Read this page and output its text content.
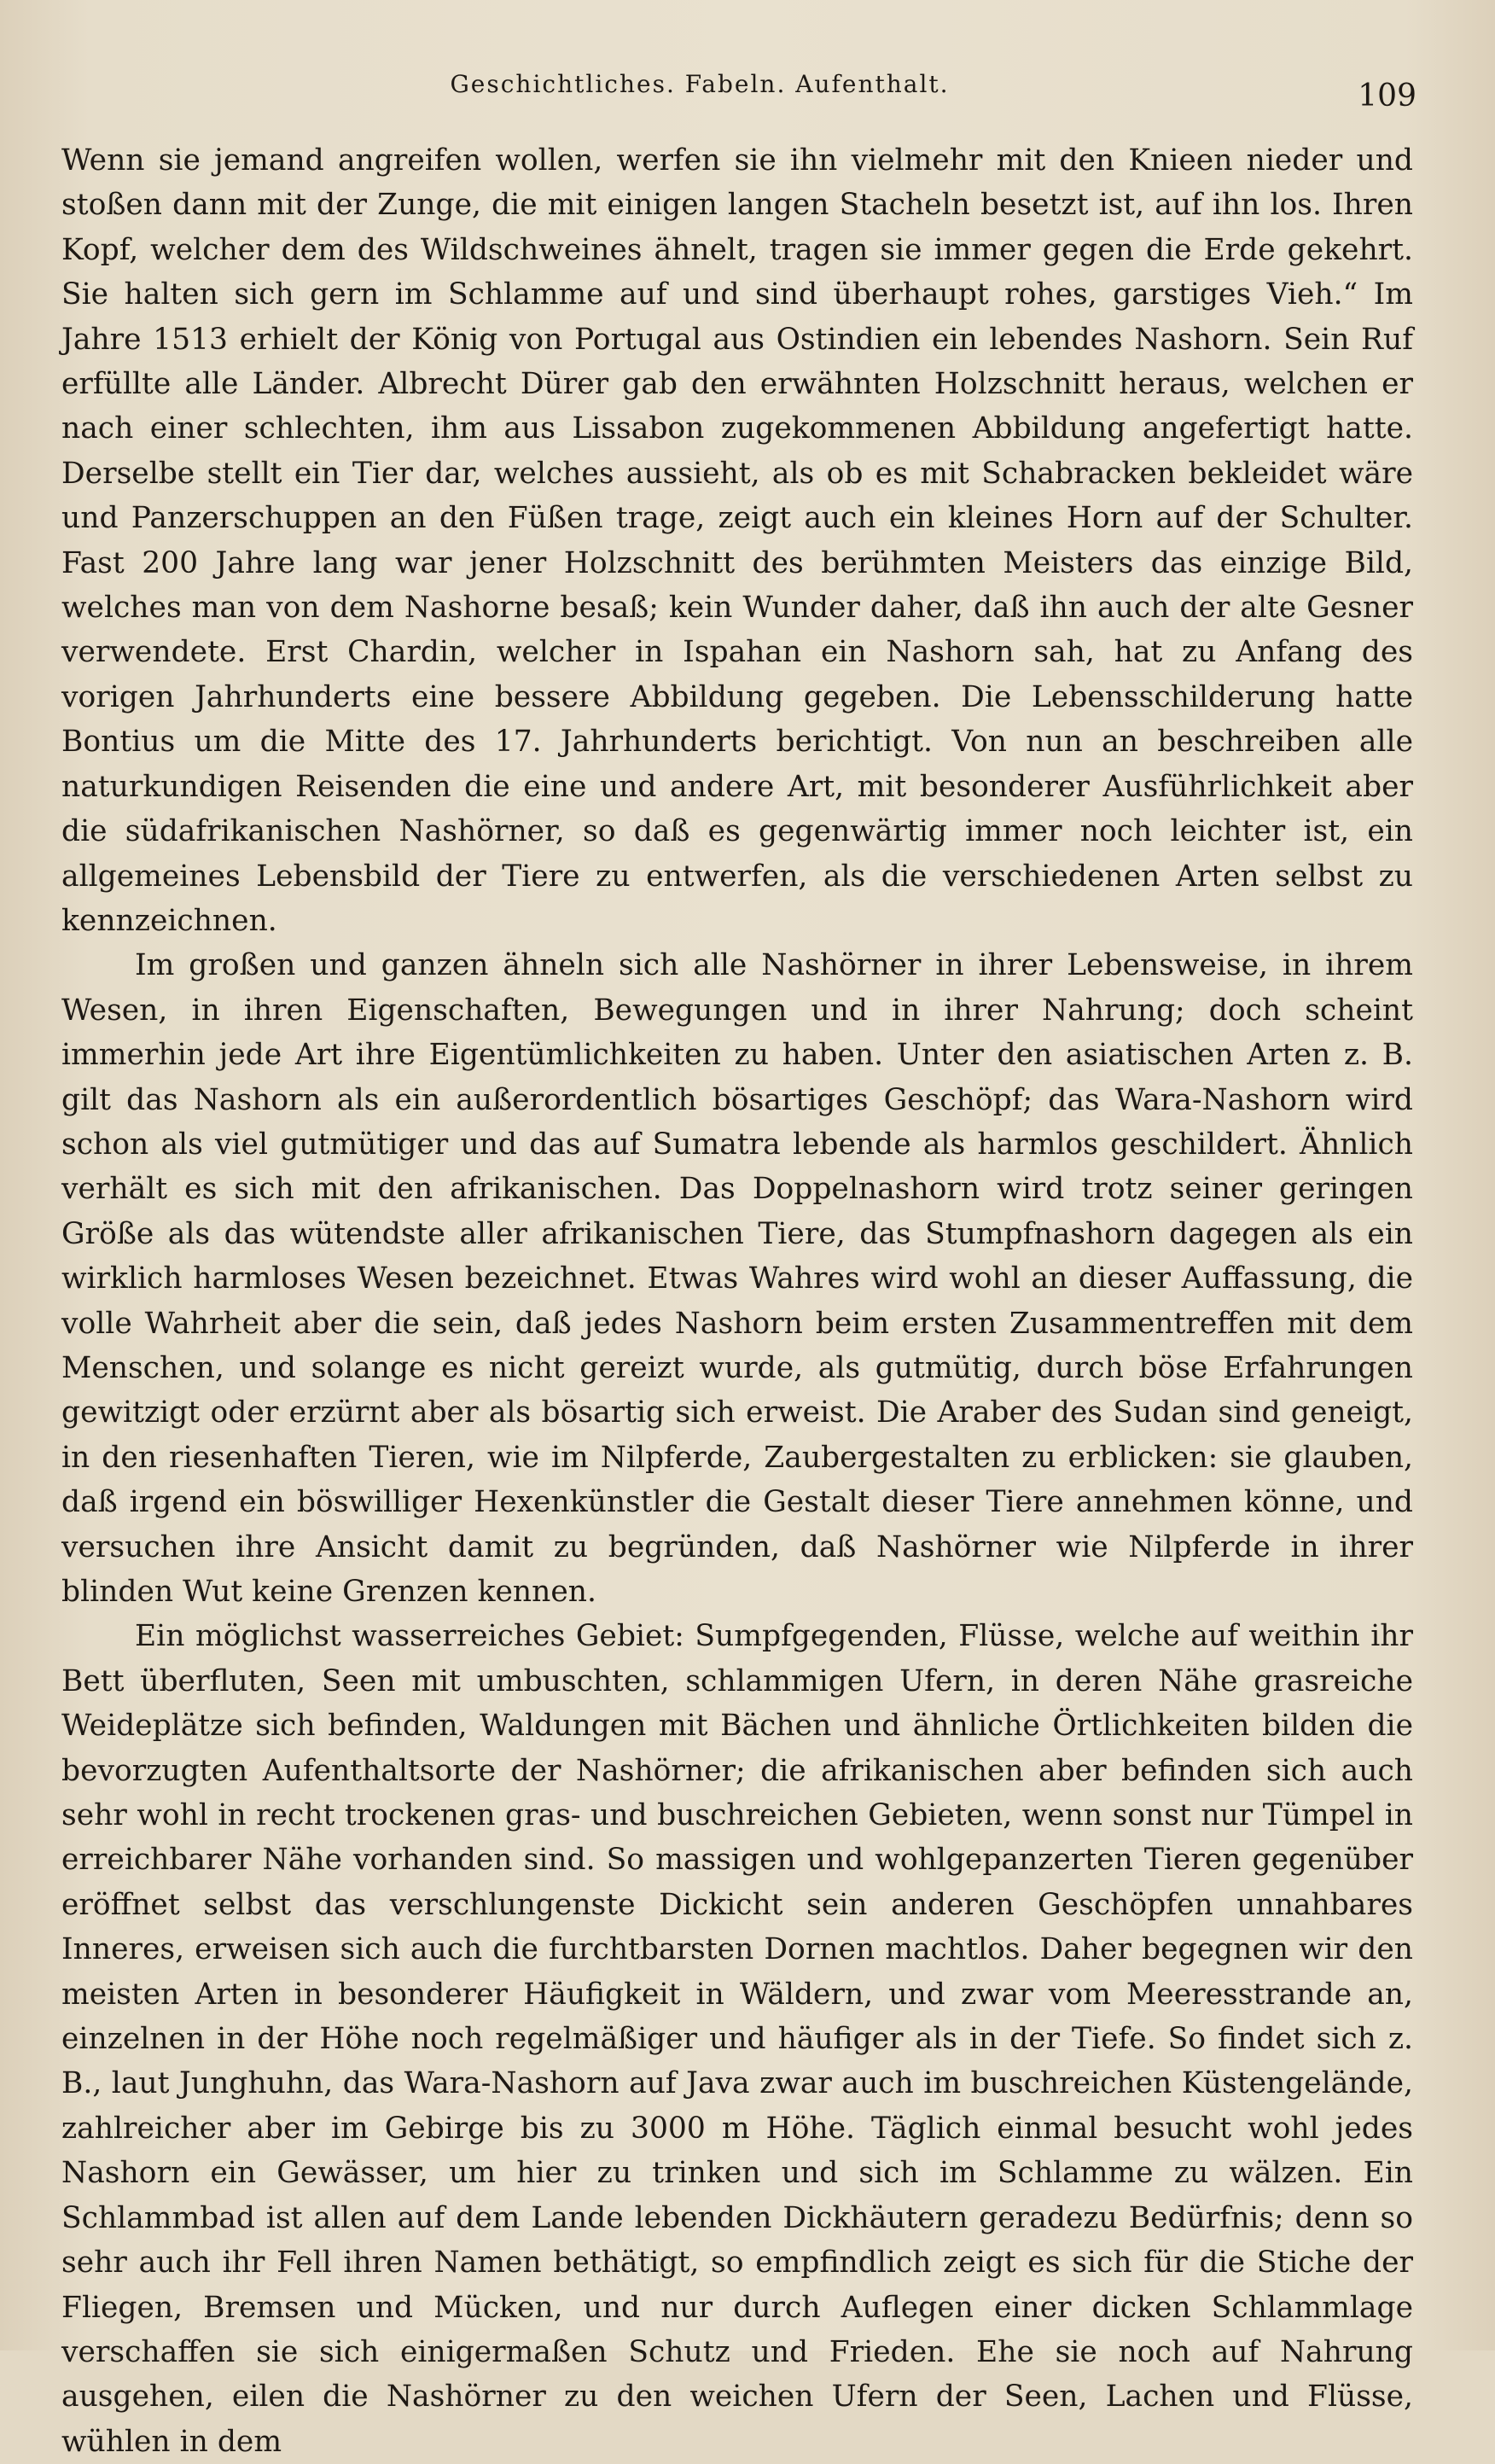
Geschichtliches. Fabeln. Aufenthalt.	109

Wenn sie jemand angreifen wollen, werfen sie ihn vielmehr mit den Knieen nieder und stoßen dann mit der Zunge, die mit einigen langen Stacheln besetzt ist, auf ihn los. Ihren Kopf, welcher dem des Wildschweines ähnelt, tragen sie immer gegen die Erde gekehrt. Sie halten sich gern im Schlamme auf und sind überhaupt rohes, garstiges Vieh.“ Im Jahre 1513 erhielt der König von Portugal aus Ostindien ein lebendes Nashorn. Sein Ruf erfüllte alle Länder. Albrecht Dürer gab den erwähnten Holzschnitt heraus, welchen er nach einer schlechten, ihm aus Lissabon zugekommenen Abbildung angefertigt hatte. Derselbe stellt ein Tier dar, welches aussieht, als ob es mit Schabracken bekleidet wäre und Panzerschuppen an den Füßen trage, zeigt auch ein kleines Horn auf der Schulter. Fast 200 Jahre lang war jener Holzschnitt des berühmten Meisters das einzige Bild, welches man von dem Nashorne besaß; kein Wunder daher, daß ihn auch der alte Gesner verwendete. Erst Chardin, welcher in Ispahan ein Nashorn sah, hat zu Anfang des vorigen Jahrhunderts eine bessere Abbildung gegeben. Die Lebensschilderung hatte Bontius um die Mitte des 17. Jahrhunderts berichtigt. Von nun an beschreiben alle naturkundigen Reisenden die eine und andere Art, mit besonderer Ausführlichkeit aber die südafrikanischen Nashörner, so daß es gegenwärtig immer noch leichter ist, ein allgemeines Lebensbild der Tiere zu entwerfen, als die verschiedenen Arten selbst zu kennzeichnen.

Im großen und ganzen ähneln sich alle Nashörner in ihrer Lebensweise, in ihrem Wesen, in ihren Eigenschaften, Bewegungen und in ihrer Nahrung; doch scheint immerhin jede Art ihre Eigentümlichkeiten zu haben. Unter den asiatischen Arten z. B. gilt das Nashorn als ein außerordentlich bösartiges Geschöpf; das Wara-Nashorn wird schon als viel gutmütiger und das auf Sumatra lebende als harmlos geschildert. Ähnlich verhält es sich mit den afrikanischen. Das Doppelnashorn wird trotz seiner geringen Größe als das wütendste aller afrikanischen Tiere, das Stumpfnashorn dagegen als ein wirklich harmloses Wesen bezeichnet. Etwas Wahres wird wohl an dieser Auffassung, die volle Wahrheit aber die sein, daß jedes Nashorn beim ersten Zusammentreffen mit dem Menschen, und solange es nicht gereizt wurde, als gutmütig, durch böse Erfahrungen gewitzigt oder erzürnt aber als bösartig sich erweist. Die Araber des Sudan sind geneigt, in den riesenhaften Tieren, wie im Nilpferde, Zaubergestalten zu erblicken: sie glauben, daß irgend ein böswilliger Hexenkünstler die Gestalt dieser Tiere annehmen könne, und versuchen ihre Ansicht damit zu begründen, daß Nashörner wie Nilpferde in ihrer blinden Wut keine Grenzen kennen.

Ein möglichst wasserreiches Gebiet: Sumpfgegenden, Flüsse, welche auf weithin ihr Bett überfluten, Seen mit umbuschten, schlammigen Ufern, in deren Nähe grasreiche Weideplätze sich befinden, Waldungen mit Bächen und ähnliche Örtlichkeiten bilden die bevorzugten Aufenthaltsorte der Nashörner; die afrikanischen aber befinden sich auch sehr wohl in recht trockenen gras- und buschreichen Gebieten, wenn sonst nur Tümpel in erreichbarer Nähe vorhanden sind. So massigen und wohlgepanzerten Tieren gegenüber eröffnet selbst das verschlungenste Dickicht sein anderen Geschöpfen unnahbares Inneres, erweisen sich auch die furchtbarsten Dornen machtlos. Daher begegnen wir den meisten Arten in besonderer Häufigkeit in Wäldern, und zwar vom Meeresstrande an, einzelnen in der Höhe noch regelmäßiger und häufiger als in der Tiefe. So findet sich z. B., laut Junghuhn, das Wara-Nashorn auf Java zwar auch im buschreichen Küstengelände, zahlreicher aber im Gebirge bis zu 3000 m Höhe. Täglich einmal besucht wohl jedes Nashorn ein Gewässer, um hier zu trinken und sich im Schlamme zu wälzen. Ein Schlammbad ist allen auf dem Lande lebenden Dickhäutern geradezu Bedürfnis; denn so sehr auch ihr Fell ihren Namen bethätigt, so empfindlich zeigt es sich für die Stiche der Fliegen, Bremsen und Mücken, und nur durch Auflegen einer dicken Schlammlage verschaffen sie sich einigermaßen Schutz und Frieden. Ehe sie noch auf Nahrung ausgehen, eilen die Nashörner zu den weichen Ufern der Seen, Lachen und Flüsse, wühlen in dem
